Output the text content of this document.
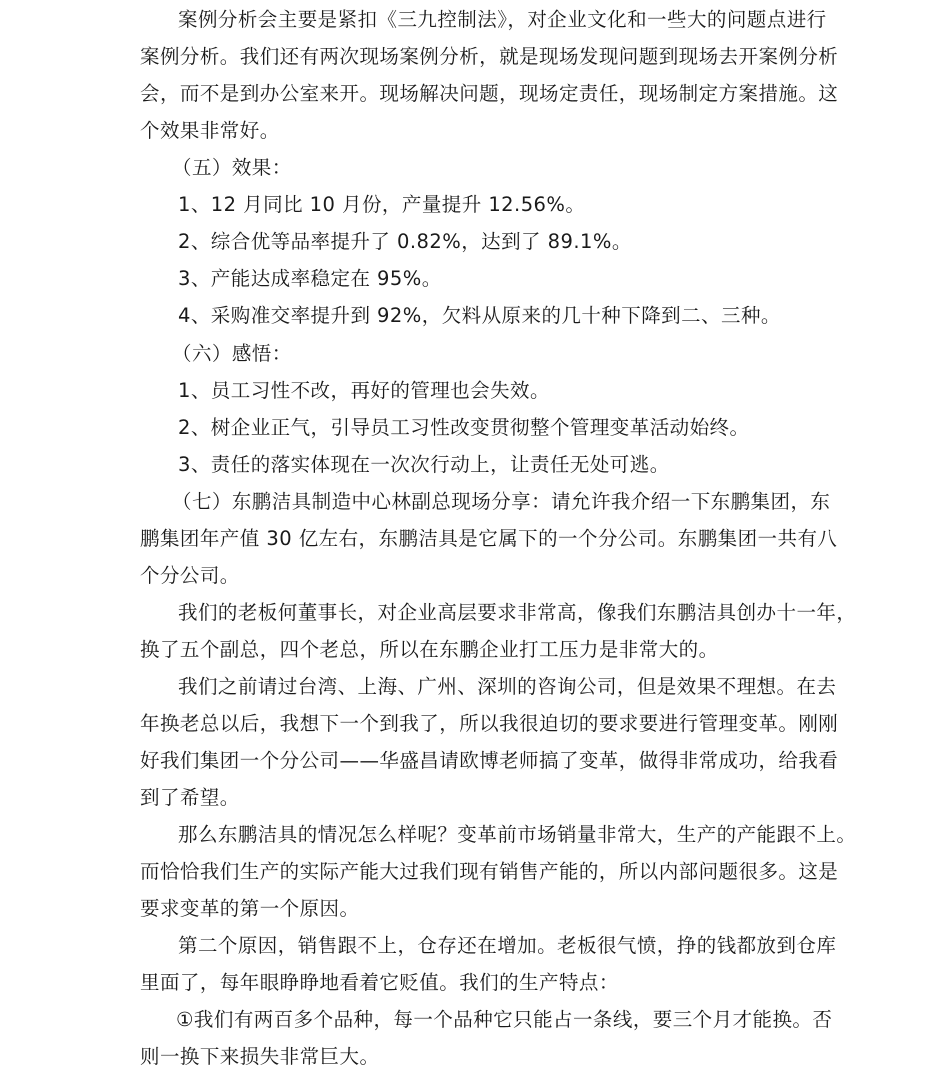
案例分析会主要是紧扣《三九控制法》，对企业文化和一些大的问题点进行
案例分析。我们还有两次现场案例分析，就是现场发现问题到现场去开案例分析
会，而不是到办公室来开。现场解决问题，现场定责任，现场制定方案措施。这
个效果非常好。
（五）效果：
1、12 月同比 10 月份，产量提升 12.56%。
2、综合优等品率提升了 0.82%，达到了 89.1%。
3、产能达成率稳定在 95%。
4、采购准交率提升到 92%，欠料从原来的几十种下降到二、三种。
（六）感悟：
1、员工习性不改，再好的管理也会失效。
2、树企业正气，引导员工习性改变贯彻整个管理变革活动始终。
3、责任的落实体现在一次次行动上，让责任无处可逃。
（七）东鹏洁具制造中心林副总现场分享：请允许我介绍一下东鹏集团，东
鹏集团年产值 30 亿左右，东鹏洁具是它属下的一个分公司。东鹏集团一共有八
个分公司。
我们的老板何董事长，对企业高层要求非常高，像我们东鹏洁具创办十一年，
换了五个副总，四个老总，所以在东鹏企业打工压力是非常大的。
我们之前请过台湾、上海、广州、深圳的咨询公司，但是效果不理想。在去
年换老总以后，我想下一个到我了，所以我很迫切的要求要进行管理变革。刚刚
好我们集团一个分公司——华盛昌请欧博老师搞了变革，做得非常成功，给我看
到了希望。
那么东鹏洁具的情况怎么样呢？变革前市场销量非常大，生产的产能跟不上。
而恰恰我们生产的实际产能大过我们现有销售产能的，所以内部问题很多。这是
要求变革的第一个原因。
第二个原因，销售跟不上，仓存还在增加。老板很气愤，挣的钱都放到仓库
里面了，每年眼睁睁地看着它贬值。我们的生产特点：
①我们有两百多个品种，每一个品种它只能占一条线，要三个月才能换。否
则一换下来损失非常巨大。
